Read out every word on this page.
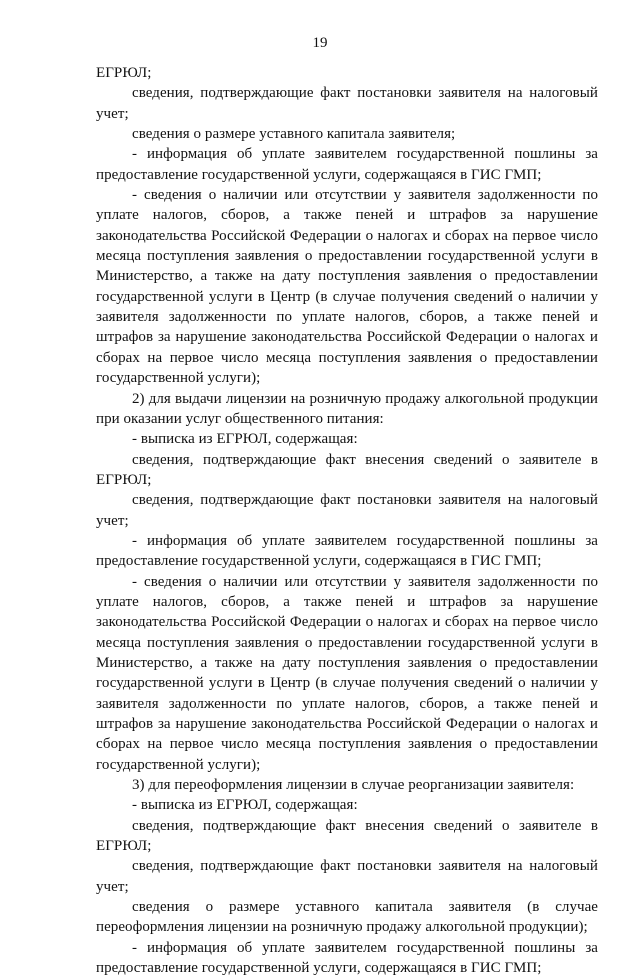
19

ЕГРЮЛ;

сведения, подтверждающие факт постановки заявителя на налоговый учет;

сведения о размере уставного капитала заявителя;

- информация об уплате заявителем государственной пошлины за предоставление государственной услуги, содержащаяся в ГИС ГМП;

- сведения о наличии или отсутствии у заявителя задолженности по уплате налогов, сборов, а также пеней и штрафов за нарушение законодательства Российской Федерации о налогах и сборах на первое число месяца поступления заявления о предоставлении государственной услуги в Министерство, а также на дату поступления заявления о предоставлении государственной услуги в Центр (в случае получения сведений о наличии у заявителя задолженности по уплате налогов, сборов, а также пеней и штрафов за нарушение законодательства Российской Федерации о налогах и сборах на первое число месяца поступления заявления о предоставлении государственной услуги);

2) для выдачи лицензии на розничную продажу алкогольной продукции при оказании услуг общественного питания:

- выписка из ЕГРЮЛ, содержащая:

сведения, подтверждающие факт внесения сведений о заявителе в ЕГРЮЛ;

сведения, подтверждающие факт постановки заявителя на налоговый учет;

- информация об уплате заявителем государственной пошлины за предоставление государственной услуги, содержащаяся в ГИС ГМП;

- сведения о наличии или отсутствии у заявителя задолженности по уплате налогов, сборов, а также пеней и штрафов за нарушение законодательства Российской Федерации о налогах и сборах на первое число месяца поступления заявления о предоставлении государственной услуги в Министерство, а также на дату поступления заявления о предоставлении государственной услуги в Центр (в случае получения сведений о наличии у заявителя задолженности по уплате налогов, сборов, а также пеней и штрафов за нарушение законодательства Российской Федерации о налогах и сборах на первое число месяца поступления заявления о предоставлении государственной услуги);

3) для переоформления лицензии в случае реорганизации заявителя:

- выписка из ЕГРЮЛ, содержащая:

сведения, подтверждающие факт внесения сведений о заявителе в ЕГРЮЛ;

сведения, подтверждающие факт постановки заявителя на налоговый учет;

сведения о размере уставного капитала заявителя (в случае переоформления лицензии на розничную продажу алкогольной продукции);

- информация об уплате заявителем государственной пошлины за предоставление государственной услуги, содержащаяся в ГИС ГМП;
